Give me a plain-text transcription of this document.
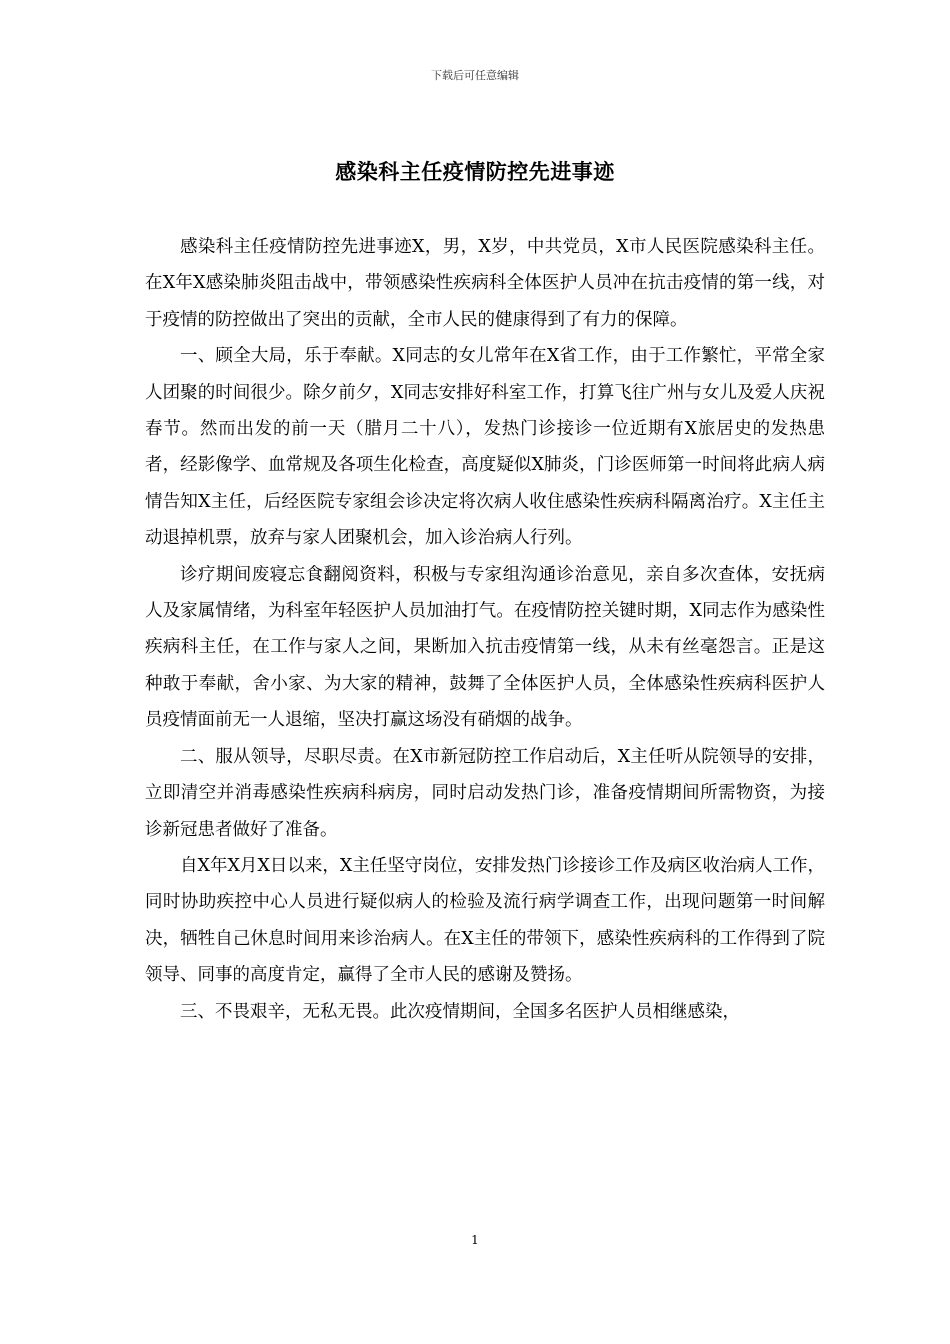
下载后可任意编辑
感染科主任疫情防控先进事迹

感染科主任疫情防控先进事迹X，男，X岁，中共党员，X市人民医院感染科主任。在X年X感染肺炎阻击战中，带领感染性疾病科全体医护人员冲在抗击疫情的第一线，对于疫情的防控做出了突出的贡献，全市人民的健康得到了有力的保障。

一、顾全大局，乐于奉献。X同志的女儿常年在X省工作，由于工作繁忙，平常全家人团聚的时间很少。除夕前夕，X同志安排好科室工作，打算飞往广州与女儿及爱人庆祝春节。然而出发的前一天（腊月二十八），发热门诊接诊一位近期有X旅居史的发热患者，经影像学、血常规及各项生化检查，高度疑似X肺炎，门诊医师第一时间将此病人病情告知X主任，后经医院专家组会诊决定将次病人收住感染性疾病科隔离治疗。X主任主动退掉机票，放弃与家人团聚机会，加入诊治病人行列。

诊疗期间废寝忘食翻阅资料，积极与专家组沟通诊治意见，亲自多次查体，安抚病人及家属情绪，为科室年轻医护人员加油打气。在疫情防控关键时期，X同志作为感染性疾病科主任，在工作与家人之间，果断加入抗击疫情第一线，从未有丝毫怨言。正是这种敢于奉献，舍小家、为大家的精神，鼓舞了全体医护人员，全体感染性疾病科医护人员疫情面前无一人退缩，坚决打赢这场没有硝烟的战争。

二、服从领导，尽职尽责。在X市新冠防控工作启动后，X主任听从院领导的安排，立即清空并消毒感染性疾病科病房，同时启动发热门诊，准备疫情期间所需物资，为接诊新冠患者做好了准备。

自X年X月X日以来，X主任坚守岗位，安排发热门诊接诊工作及病区收治病人工作，同时协助疾控中心人员进行疑似病人的检验及流行病学调查工作，出现问题第一时间解决，牺牲自己休息时间用来诊治病人。在X主任的带领下，感染性疾病科的工作得到了院领导、同事的高度肯定，赢得了全市人民的感谢及赞扬。

三、不畏艰辛，无私无畏。此次疫情期间，全国多名医护人员相继感染，

1
